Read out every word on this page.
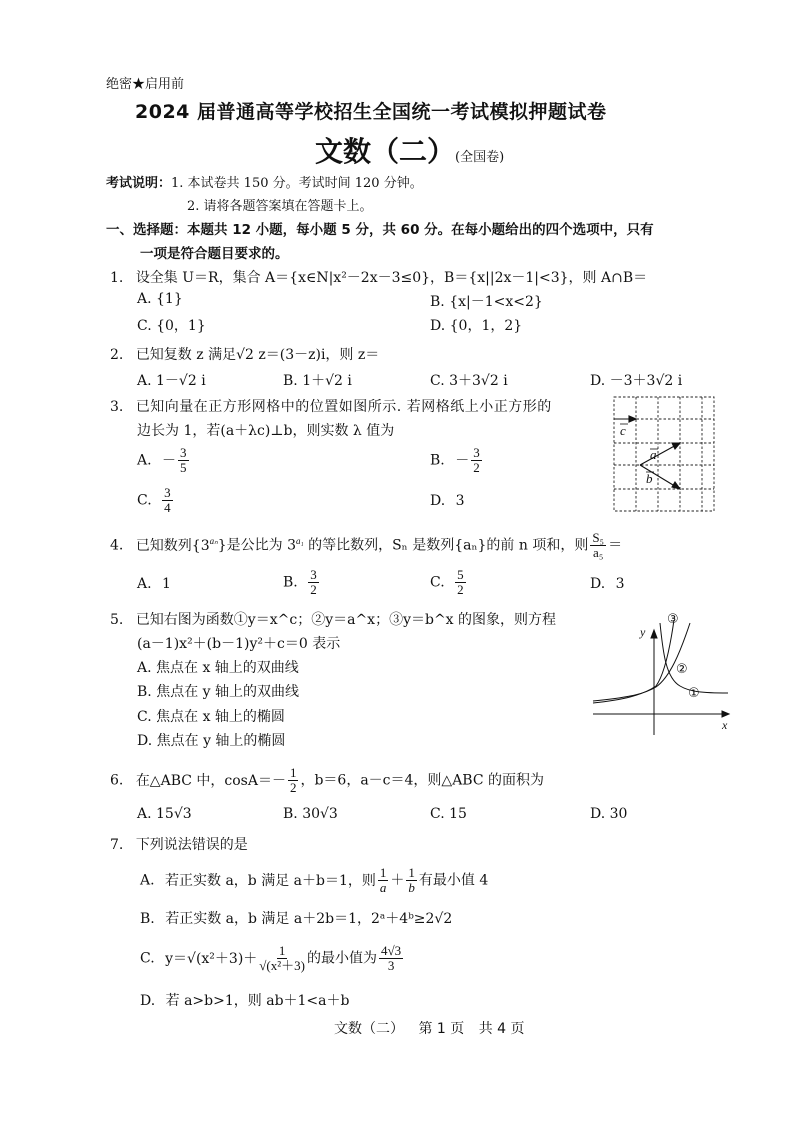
绝密★启用前
2024 届普通高等学校招生全国统一考试模拟押题试卷
文数（二）(全国卷)
考试说明：1. 本试卷共 150 分。考试时间 120 分钟。
2. 请将各题答案填在答题卡上。
一、选择题：本题共 12 小题，每小题 5 分，共 60 分。在每小题给出的四个选项中，只有
一项是符合题目要求的。
1. 设全集 U＝R，集合 A＝{x∈N|x²－2x－3≤0}，B＝{x||2x－1|<3}，则 A∩B＝
A. {1}	B. {x|－1<x<2}
C. {0，1}	D. {0，1，2}
2. 已知复数 z 满足√2 z＝(3－z)i，则 z＝
A. 1－√2 i	B. 1＋√2 i	C. 3＋3√2 i	D. －3＋3√2 i
3. 已知向量在正方形网格中的位置如图所示. 若网格纸上小正方形的
边长为 1，若(a＋λc)⊥b，则实数 λ 值为
A. － $\frac{3}{5}$	B. － $\frac{3}{2}$
C. $\frac{3}{4}$	D. 3
c
a
b
4. 已知数列$\{3^{a_n}\}$是公比为 $3^{a_1}$ 的等比数列，Sₙ 是数列{aₙ}的前 n 项和，则 $\frac{\text{S₅}}{\text{a₅}}$ ＝
A. 1	B. $\frac{3}{2}$	C. $\frac{5}{2}$	D. 3
5. 已知右图为函数①y＝x^c；②y＝a^x；③y＝b^x 的图象，则方程
(a－1)x²＋(b－1)y²＋c＝0 表示
A. 焦点在 x 轴上的双曲线
B. 焦点在 y 轴上的双曲线
C. 焦点在 x 轴上的椭圆
D. 焦点在 y 轴上的椭圆
y
x
①
②
③
6. 在△ABC 中，$\cos A=- \frac{1}{2}$ ，b＝6，a－c＝4，则△ABC 的面积为
A. 15√3	B. 30√3	C. 15	D. 30
7. 下列说法错误的是
A. 若正实数 a，b 满足 a＋b＝1，则 $\frac{1}{a} + \frac{1}{b}$ 有最小值 4
B. 若正实数 a，b 满足 a＋2b＝1，2ᵃ＋4ᵇ≥2√2
C. $y=√(x^2+3)+ \frac{1}{\text{√(x²＋3)}}$ 的最小值为 $\frac{4√3}{3}$
D. 若 a>b>1，则 ab＋1<a＋b
文数（二） 第 1 页 共 4 页
